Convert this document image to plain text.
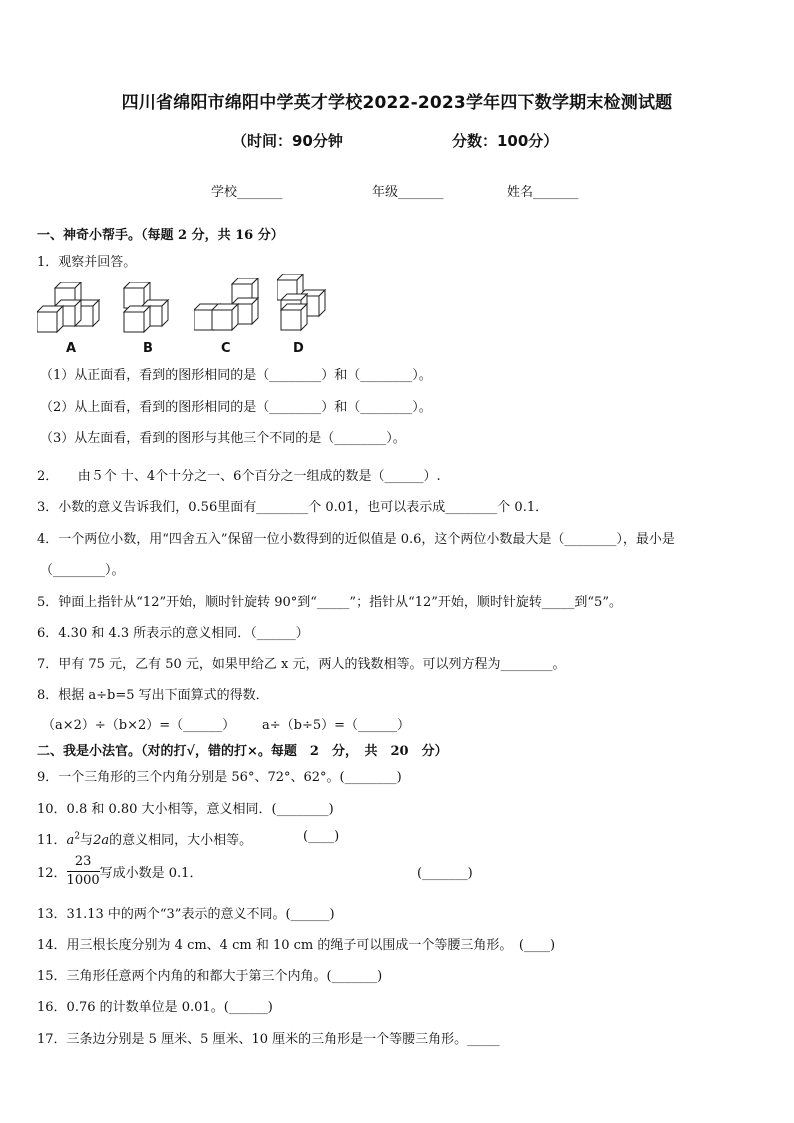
四川省绵阳市绵阳中学英才学校2022-2023学年四下数学期末检测试题
（时间：90分钟	分数：100分）
学校_______	年级_______	姓名_______
一、神奇小帮手。（每题 2 分，共 16 分）
1．观察并回答。
A	B	C	D
（1）从正面看，看到的图形相同的是（________）和（________）。
（2）从上面看，看到的图形相同的是（________）和（________）。
（3）从左面看，看到的图形与其他三个不同的是（________）。
2．　　由５个 十、4个十分之一、6个百分之一组成的数是（______）.
3．小数的意义告诉我们，0.56里面有________个 0.01，也可以表示成________个 0.1．
4．一个两位小数，用“四舍五入”保留一位小数得到的近似值是 0.6，这个两位小数最大是（________），最小是
（________）。
5．钟面上指针从“12”开始，顺时针旋转 90°到“_____”；指针从“12”开始，顺时针旋转_____到“5”。
6．4.30 和 4.3 所表示的意义相同．（______）
7．甲有 75 元，乙有 50 元，如果甲给乙 x 元，两人的钱数相等。可以列方程为________。
8．根据 a÷b=5 写出下面算式的得数．
（a×2）÷（b×2）=（______） a÷（b÷5）=（______）
二、我是小法官。（对的打√，错的打×。每题　2　分，　共　20　分）
9．一个三角形的三个内角分别是 56°、72°、62°。(________)
10．0.8 和 0.80 大小相等，意义相同．(________)
11．$a^2$与2a的意义相同，大小相等。	(____)
12． $\frac{23}{1000}$ 写成小数是 0.1．	(_______)
13．31.13 中的两个“3”表示的意义不同。(______)
14．用三根长度分别为 4 cm、4 cm 和 10 cm 的绳子可以围成一个等腰三角形。　(____)
15．三角形任意两个内角的和都大于第三个内角。(_______)
16．0.76 的计数单位是 0.01。(______)
17．三条边分别是 5 厘米、5 厘米、10 厘米的三角形是一个等腰三角形。_____
